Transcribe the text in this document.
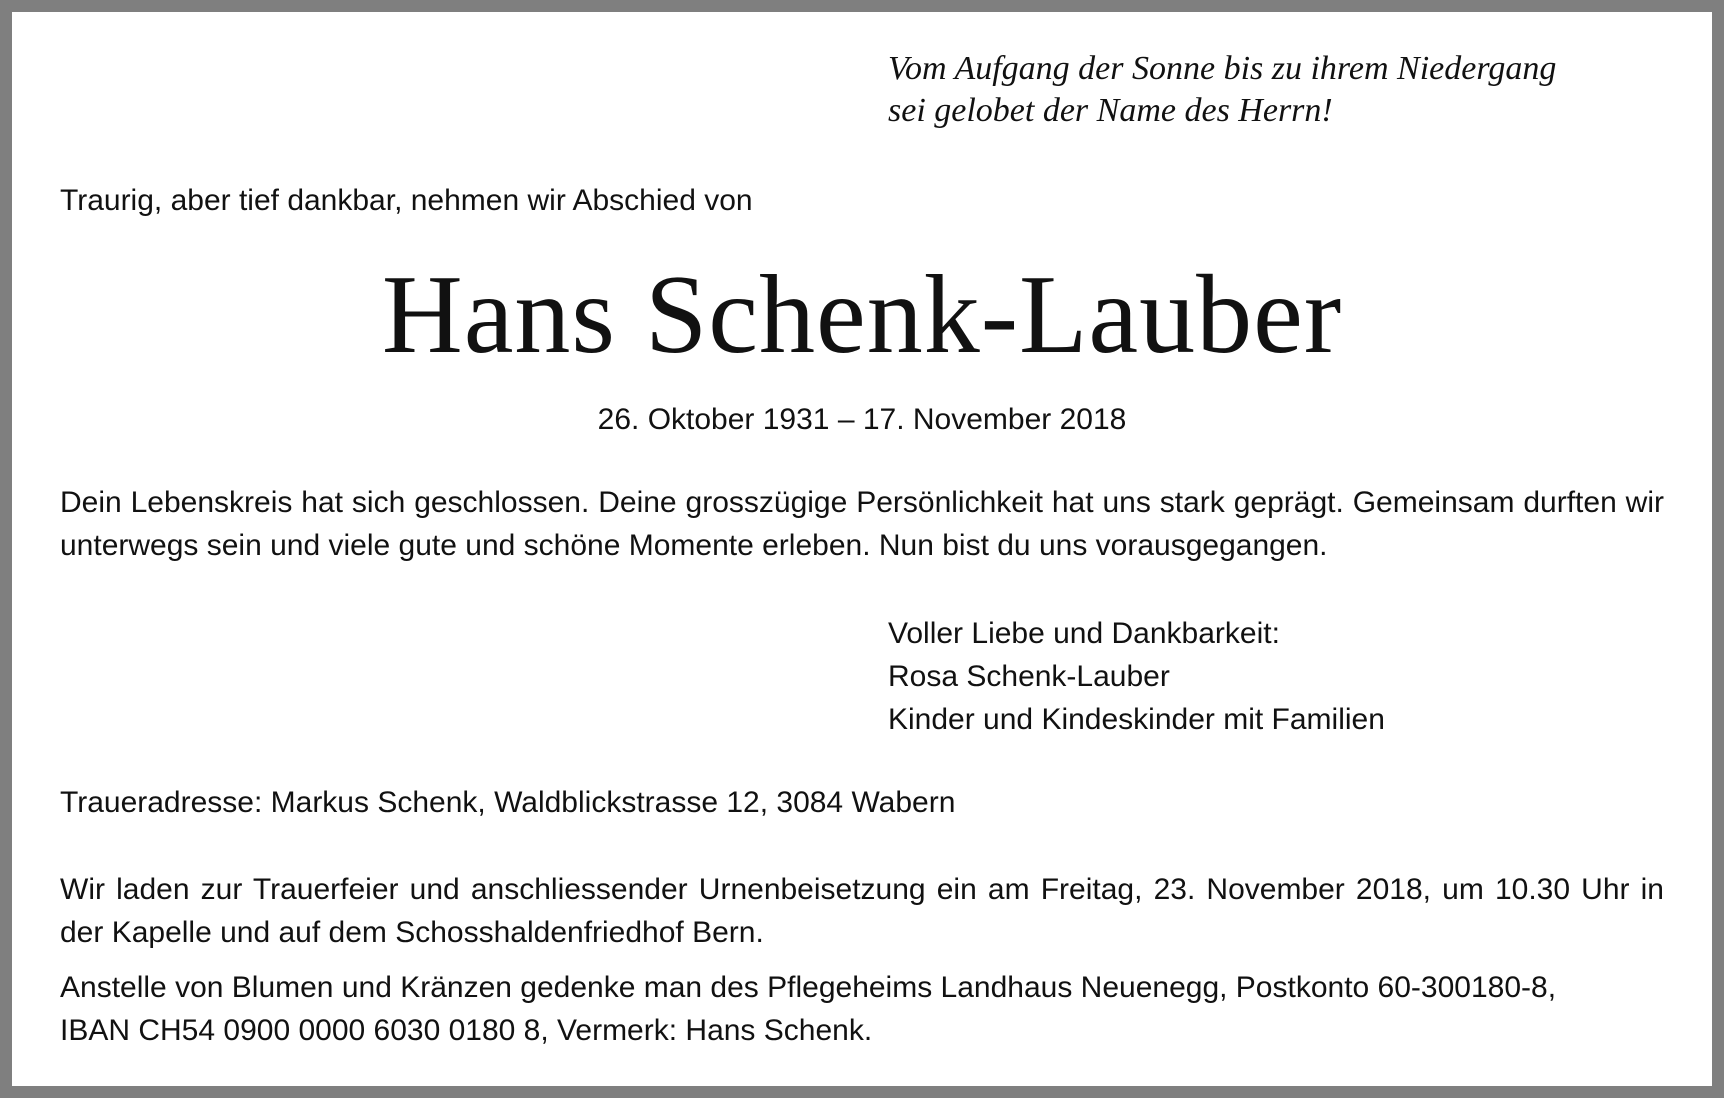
Vom Aufgang der Sonne bis zu ihrem Niedergang
sei gelobet der Name des Herrn!

Traurig, aber tief dankbar, nehmen wir Abschied von

Hans Schenk-Lauber

26. Oktober 1931 – 17. November 2018

Dein Lebenskreis hat sich geschlossen. Deine grosszügige Persönlichkeit hat uns stark geprägt. Gemeinsam durften wir unterwegs sein und viele gute und schöne Momente erleben. Nun bist du uns vorausgegangen.

Voller Liebe und Dankbarkeit:
Rosa Schenk-Lauber
Kinder und Kindeskinder mit Familien

Traueradresse: Markus Schenk, Waldblickstrasse 12, 3084 Wabern

Wir laden zur Trauerfeier und anschliessender Urnenbeisetzung ein am Freitag, 23. November 2018, um 10.30 Uhr in der Kapelle und auf dem Schosshaldenfriedhof Bern.

Anstelle von Blumen und Kränzen gedenke man des Pflegeheims Landhaus Neuenegg, Postkonto 60-300180-8,
IBAN CH54 0900 0000 6030 0180 8, Vermerk: Hans Schenk.
